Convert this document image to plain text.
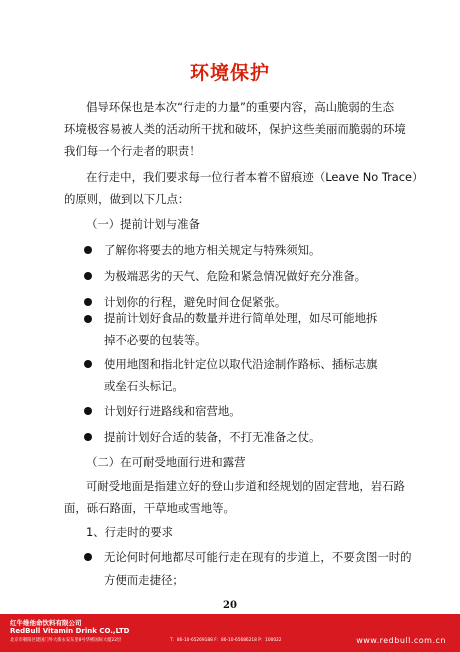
环境保护
倡导环保也是本次“行走的力量”的重要内容，高山脆弱的生态
环境极容易被人类的活动所干扰和破坏，保护这些美丽而脆弱的环境
我们每一个行走者的职责！
在行走中，我们要求每一位行者本着不留痕迹（Leave No Trace）
的原则，做到以下几点：
（一）提前计划与准备
了解你将要去的地方相关规定与特殊须知。
为极端恶劣的天气、危险和紧急情况做好充分准备。
计划你的行程，避免时间仓促紧张。
提前计划好食品的数量并进行简单处理，如尽可能地拆
掉不必要的包装等。
使用地图和指北针定位以取代沿途制作路标、插标志旗
或垒石头标记。
计划好行进路线和宿营地。
提前计划好合适的装备，不打无准备之仗。
（二）在可耐受地面行进和露营
可耐受地面是指建立好的登山步道和经规划的固定营地，岩石路
面，砾石路面，干草地或雪地等。
1、行走时的要求
无论何时何地都尽可能行走在现有的步道上，不要贪图一时的
方便而走捷径；
20
红牛维他命饮料有限公司
RedBull Vitamin Drink CO.,LTD
北京市朝阳区建国门外大街永安东里8号华彬国际大厦22层	T：86-10-65269188 F：86-10-65686218 P：100022	www.redbull.com.cn
